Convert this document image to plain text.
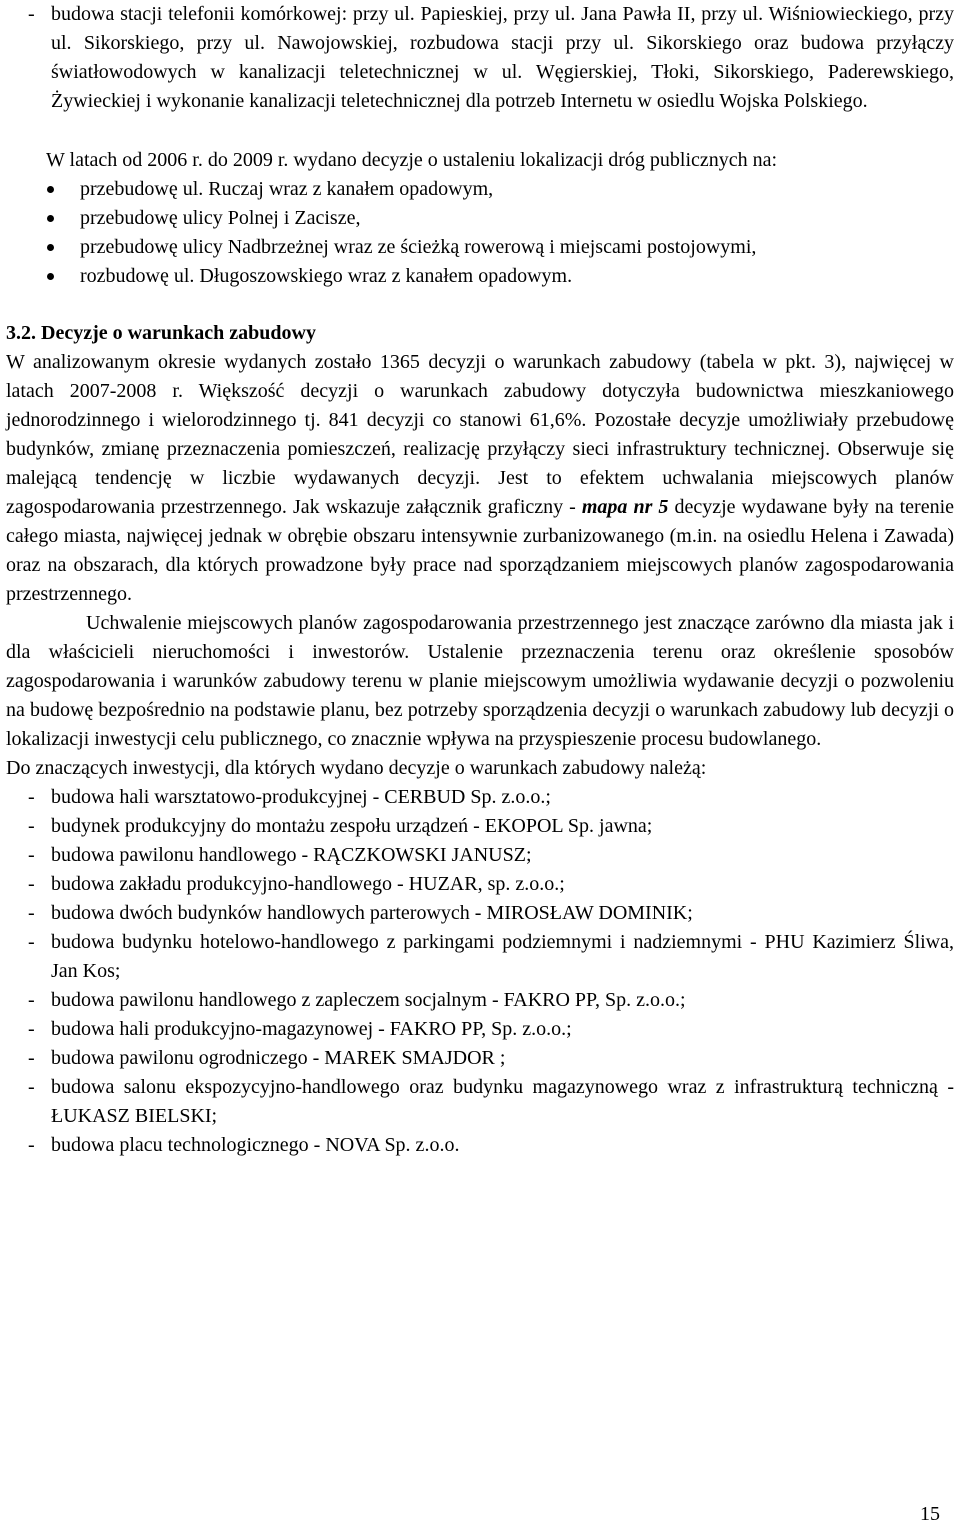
- budowa stacji telefonii komórkowej: przy ul. Papieskiej, przy ul. Jana Pawła II, przy ul. Wiśniowieckiego, przy ul. Sikorskiego, przy ul. Nawojowskiej, rozbudowa stacji przy ul. Sikorskiego oraz budowa przyłączy światłowodowych w kanalizacji teletechnicznej w ul. Węgierskiej, Tłoki, Sikorskiego, Paderewskiego, Żywieckiej i wykonanie kanalizacji teletechnicznej dla potrzeb Internetu w osiedlu Wojska Polskiego.
W latach od 2006 r. do 2009 r. wydano decyzje o ustaleniu lokalizacji dróg publicznych na:
przebudowę ul. Ruczaj wraz z kanałem opadowym,
przebudowę ulicy Polnej i Zacisze,
przebudowę ulicy Nadbrzeżnej wraz ze ścieżką rowerową i miejscami postojowymi,
rozbudowę ul. Długoszowskiego wraz z kanałem opadowym.
3.2. Decyzje o warunkach zabudowy
W analizowanym okresie wydanych zostało 1365 decyzji o warunkach zabudowy (tabela w pkt. 3), najwięcej w latach 2007-2008 r. Większość decyzji o warunkach zabudowy dotyczyła budownictwa mieszkaniowego jednorodzinnego i wielorodzinnego tj. 841 decyzji co stanowi 61,6%. Pozostałe decyzje umożliwiały przebudowę budynków, zmianę przeznaczenia pomieszczeń, realizację przyłączy sieci infrastruktury technicznej. Obserwuje się malejącą tendencję w liczbie wydawanych decyzji. Jest to efektem uchwalania miejscowych planów zagospodarowania przestrzennego. Jak wskazuje załącznik graficzny - mapa nr 5 decyzje wydawane były na terenie całego miasta, najwięcej jednak w obrębie obszaru intensywnie zurbanizowanego (m.in. na osiedlu Helena i Zawada) oraz na obszarach, dla których prowadzone były prace nad sporządzaniem miejscowych planów zagospodarowania przestrzennego.
Uchwalenie miejscowych planów zagospodarowania przestrzennego jest znaczące zarówno dla miasta jak i dla właścicieli nieruchomości i inwestorów. Ustalenie przeznaczenia terenu oraz określenie sposobów zagospodarowania i warunków zabudowy terenu w planie miejscowym umożliwia wydawanie decyzji o pozwoleniu na budowę bezpośrednio na podstawie planu, bez potrzeby sporządzenia decyzji o warunkach zabudowy lub decyzji o lokalizacji inwestycji celu publicznego, co znacznie wpływa na przyspieszenie procesu budowlanego.
Do znaczących inwestycji, dla których wydano decyzje o warunkach zabudowy należą:
- budowa hali warsztatowo-produkcyjnej - CERBUD Sp. z.o.o.;
- budynek produkcyjny do montażu zespołu urządzeń - EKOPOL Sp. jawna;
- budowa pawilonu handlowego - RĄCZKOWSKI JANUSZ;
- budowa zakładu produkcyjno-handlowego - HUZAR, sp. z.o.o.;
- budowa dwóch budynków handlowych parterowych - MIROSŁAW DOMINIK;
- budowa budynku hotelowo-handlowego z parkingami podziemnymi i nadziemnymi - PHU Kazimierz Śliwa, Jan Kos;
- budowa pawilonu handlowego z zapleczem socjalnym - FAKRO PP, Sp. z.o.o.;
- budowa hali produkcyjno-magazynowej - FAKRO PP, Sp. z.o.o.;
- budowa pawilonu ogrodniczego - MAREK SMAJDOR ;
- budowa salonu ekspozycyjno-handlowego oraz budynku magazynowego wraz z infrastrukturą techniczną - ŁUKASZ BIELSKI;
- budowa placu technologicznego - NOVA Sp. z.o.o.
15
